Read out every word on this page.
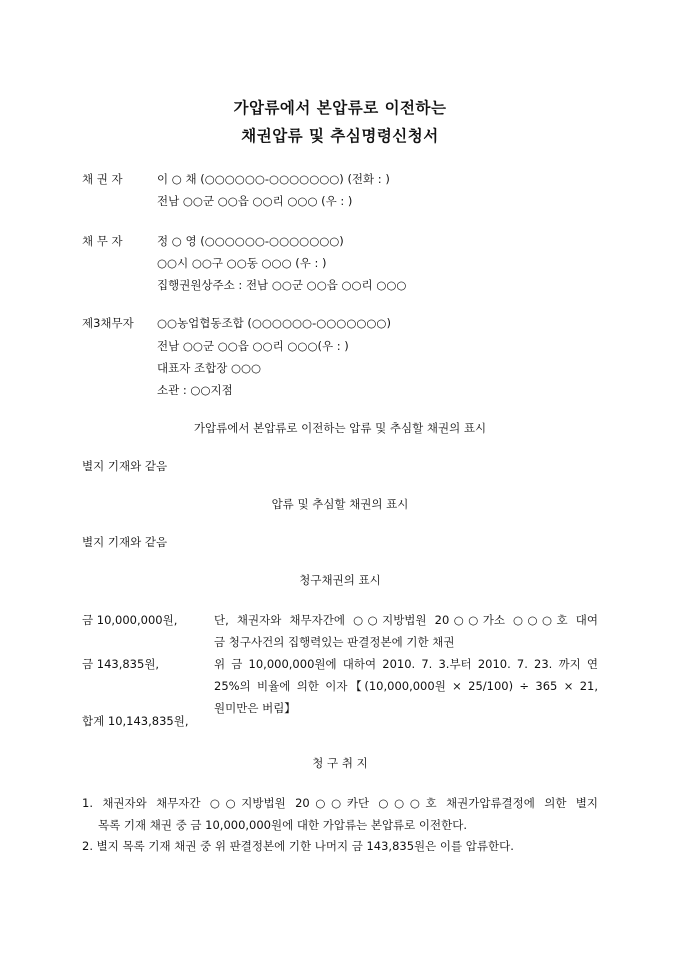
가압류에서 본압류로 이전하는
채권압류 및 추심명령신청서
채 권 자	이 ○ 채 (○○○○○○-○○○○○○○) (전화 : )
전남 ○○군 ○○읍 ○○리 ○○○ (우 : )
채 무 자	정 ○ 영 (○○○○○○-○○○○○○○)
○○시 ○○구 ○○동 ○○○ (우 : )
집행권원상주소 : 전남 ○○군 ○○읍 ○○리 ○○○
제3채무자 ○○농업협동조합 (○○○○○○-○○○○○○○)
전남 ○○군 ○○읍 ○○리 ○○○(우 : )
대표자 조합장 ○○○
소관 : ○○지점
가압류에서 본압류로 이전하는 압류 및 추심할 채권의 표시
별지 기재와 같음
압류 및 추심할 채권의 표시
별지 기재와 같음
청구채권의 표시
금 10,000,000원,	단, 채권자와 채무자간에 ○○지방법원 20○○가소 ○○○호 대여
금 청구사건의 집행력있는 판결정본에 기한 채권
금 143,835원,	위 금 10,000,000원에 대하여 2010. 7. 3.부터 2010. 7. 23. 까지 연
25%의 비율에 의한 이자【(10,000,000원 × 25/100) ÷ 365 × 21,
원미만은 버림】
합계 10,143,835원,
청 구 취 지
1. 채권자와 채무자간 ○○지방법원 20○○카단 ○○○호 채권가압류결정에 의한 별지
목록 기재 채권 중 금 10,000,000원에 대한 가압류는 본압류로 이전한다.
2. 별지 목록 기재 채권 중 위 판결정본에 기한 나머지 금 143,835원은 이를 압류한다.
